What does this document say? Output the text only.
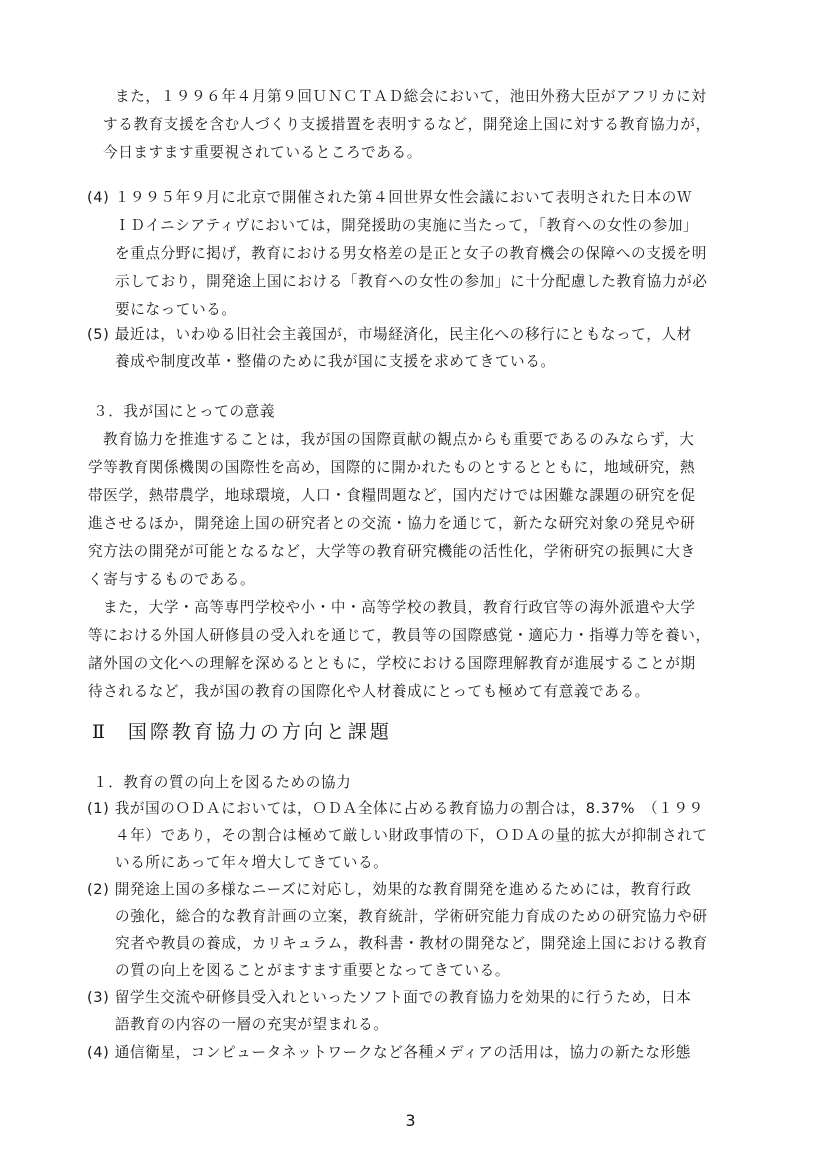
また，１９９６年４月第９回ＵＮＣＴＡＤ総会において，池田外務大臣がアフリカに対
する教育支援を含む人づくり支援措置を表明するなど，開発途上国に対する教育協力が，
今日ますます重要視されているところである。
(4) １９９５年９月に北京で開催された第４回世界女性会議において表明された日本のＷ
ＩＤイニシアティヴにおいては，開発援助の実施に当たって，「教育への女性の参加」
を重点分野に掲げ，教育における男女格差の是正と女子の教育機会の保障への支援を明
示しており，開発途上国における「教育への女性の参加」に十分配慮した教育協力が必
要になっている。
(5) 最近は，いわゆる旧社会主義国が，市場経済化，民主化への移行にともなって，人材
養成や制度改革・整備のために我が国に支援を求めてきている。
３．我が国にとっての意義
教育協力を推進することは，我が国の国際貢献の観点からも重要であるのみならず，大
学等教育関係機関の国際性を高め，国際的に開かれたものとするとともに，地域研究，熱
帯医学，熱帯農学，地球環境，人口・食糧問題など，国内だけでは困難な課題の研究を促
進させるほか，開発途上国の研究者との交流・協力を通じて，新たな研究対象の発見や研
究方法の開発が可能となるなど，大学等の教育研究機能の活性化，学術研究の振興に大き
く寄与するものである。
また，大学・高等専門学校や小・中・高等学校の教員，教育行政官等の海外派遣や大学
等における外国人研修員の受入れを通じて，教員等の国際感覚・適応力・指導力等を養い，
諸外国の文化への理解を深めるとともに，学校における国際理解教育が進展することが期
待されるなど，我が国の教育の国際化や人材養成にとっても極めて有意義である。
Ⅱ 国際教育協力の方向と課題
１．教育の質の向上を図るための協力
(1) 我が国のＯＤＡにおいては，ＯＤＡ全体に占める教育協力の割合は，8.37%　（１９９
４年）であり，その割合は極めて厳しい財政事情の下，ＯＤＡの量的拡大が抑制されて
いる所にあって年々増大してきている。
(2) 開発途上国の多様なニーズに対応し，効果的な教育開発を進めるためには，教育行政
の強化，総合的な教育計画の立案，教育統計，学術研究能力育成のための研究協力や研
究者や教員の養成，カリキュラム，教科書・教材の開発など，開発途上国における教育
の質の向上を図ることがますます重要となってきている。
(3) 留学生交流や研修員受入れといったソフト面での教育協力を効果的に行うため，日本
語教育の内容の一層の充実が望まれる。
(4) 通信衛星，コンピュータネットワークなど各種メディアの活用は，協力の新たな形態
3
